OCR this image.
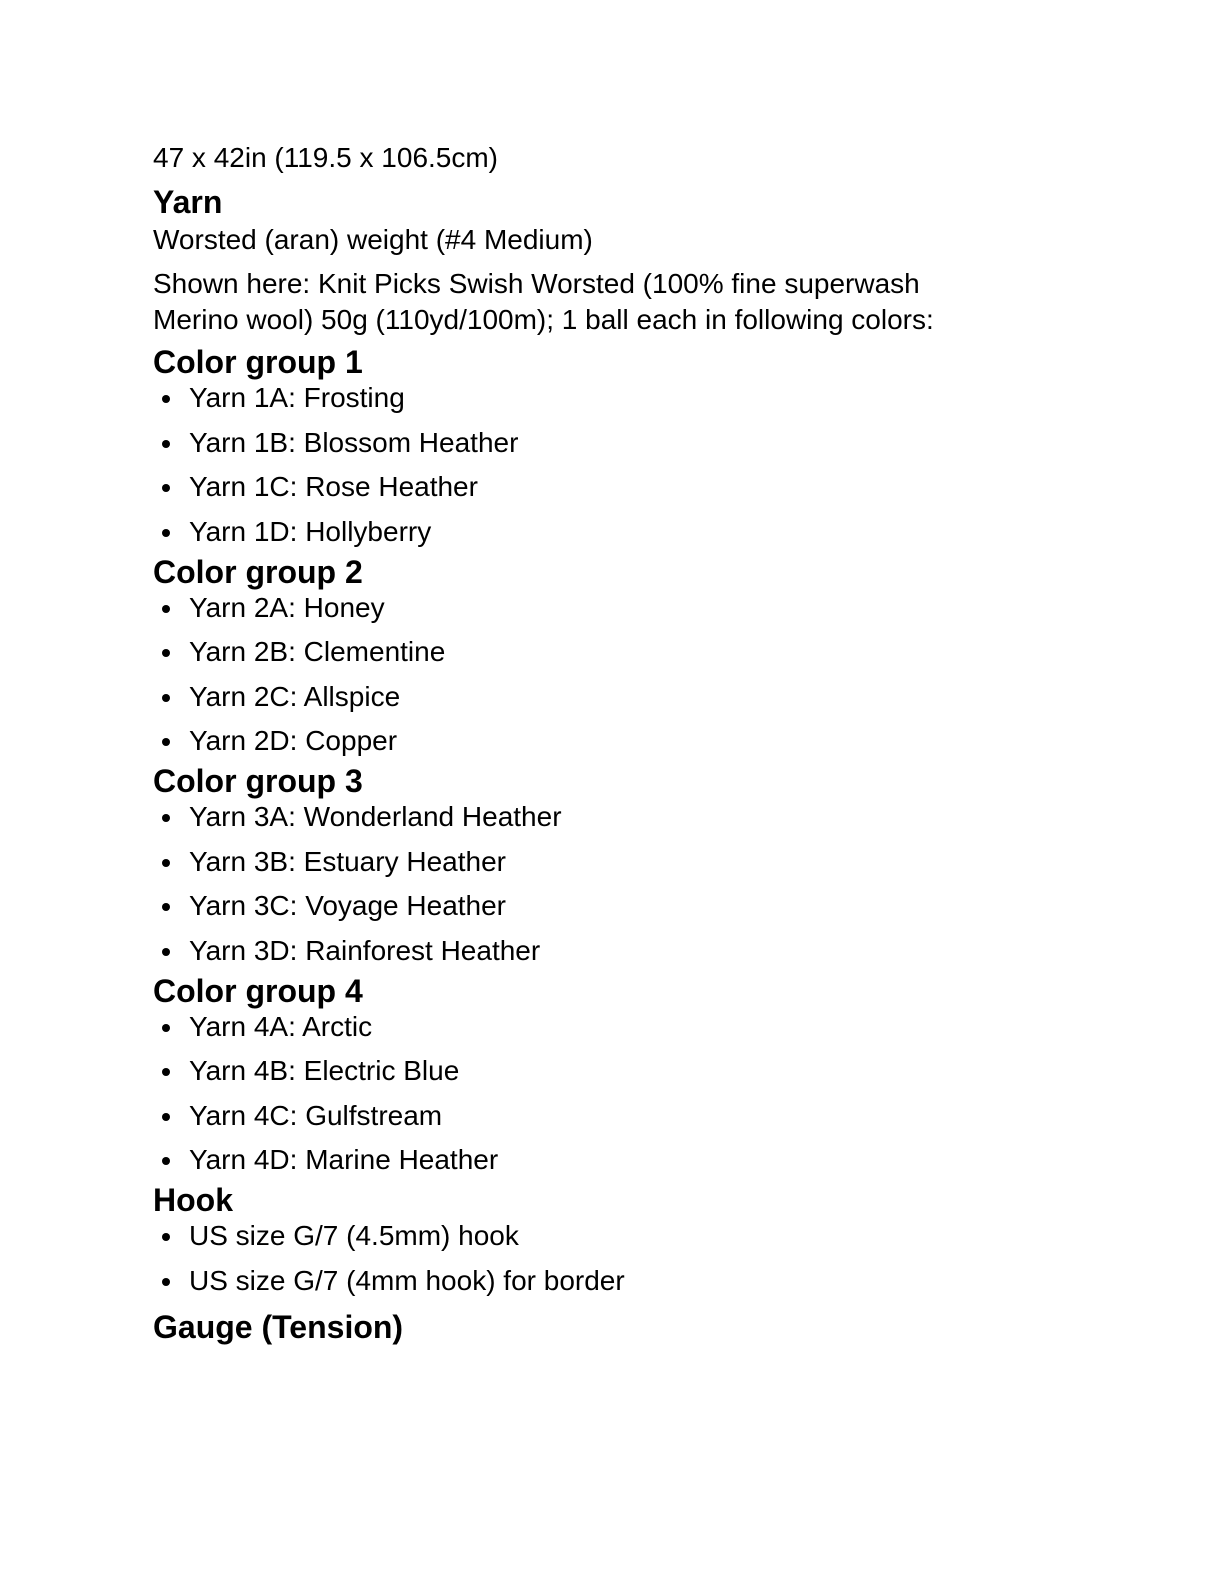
47 x 42in (119.5 x 106.5cm)

Yarn

Worsted (aran) weight (#4 Medium)

Shown here: Knit Picks Swish Worsted (100% fine superwash

Merino wool) 50g (110yd/100m); 1 ball each in following colors:

Color group 1
Yarn 1A: Frosting
Yarn 1B: Blossom Heather
Yarn 1C: Rose Heather
Yarn 1D: Hollyberry
Color group 2
Yarn 2A: Honey
Yarn 2B: Clementine
Yarn 2C: Allspice
Yarn 2D: Copper
Color group 3
Yarn 3A: Wonderland Heather
Yarn 3B: Estuary Heather
Yarn 3C: Voyage Heather
Yarn 3D: Rainforest Heather
Color group 4
Yarn 4A: Arctic
Yarn 4B: Electric Blue
Yarn 4C: Gulfstream
Yarn 4D: Marine Heather
Hook
US size G/7 (4.5mm) hook
US size G/7 (4mm hook) for border
Gauge (Tension)
